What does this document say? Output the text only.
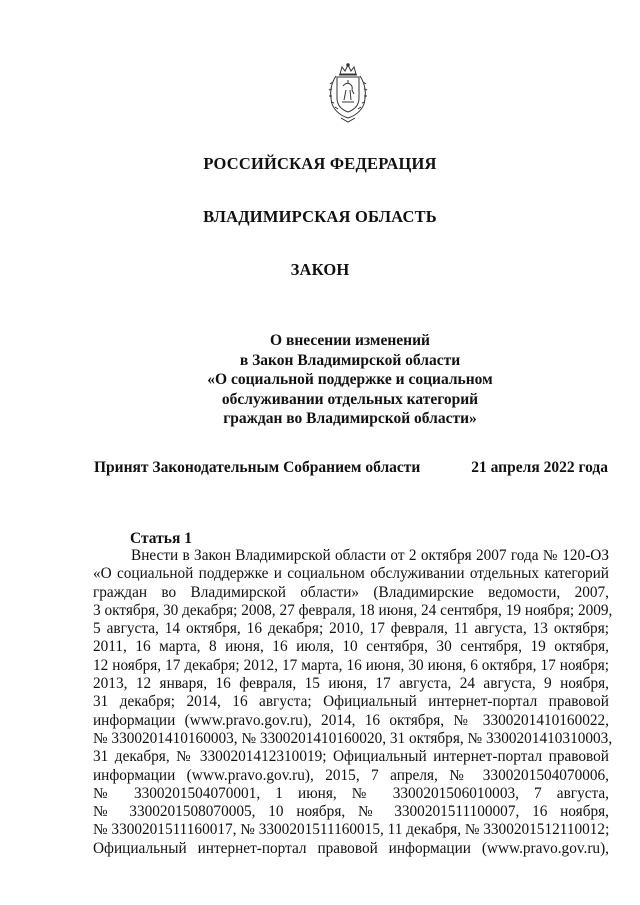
РОССИЙСКАЯ ФЕДЕРАЦИЯ
ВЛАДИМИРСКАЯ ОБЛАСТЬ
ЗАКОН
О внесении изменений
в Закон Владимирской области
«О социальной поддержке и социальном
обслуживании отдельных категорий
граждан во Владимирской области»
Принят Законодательным Собранием области	21 апреля 2022 года
Статья 1
Внести в Закон Владимирской области от 2 октября 2007 года № 120-ОЗ
«О социальной поддержке и социальном обслуживании отдельных категорий
граждан во Владимирской области» (Владимирские ведомости, 2007,
3 октября, 30 декабря; 2008, 27 февраля, 18 июня, 24 сентября, 19 ноября; 2009,
5 августа, 14 октября, 16 декабря; 2010, 17 февраля, 11 августа, 13 октября;
2011, 16 марта, 8 июня, 16 июля, 10 сентября, 30 сентября, 19 октября,
12 ноября, 17 декабря; 2012, 17 марта, 16 июня, 30 июня, 6 октября, 17 ноября;
2013, 12 января, 16 февраля, 15 июня, 17 августа, 24 августа, 9 ноября,
31 декабря; 2014, 16 августа; Официальный интернет-портал правовой
информации (www.pravo.gov.ru), 2014, 16 октября, № 3300201410160022,
№ 3300201410160003, № 3300201410160020, 31 октября, № 3300201410310003,
31 декабря, № 3300201412310019; Официальный интернет-портал правовой
информации (www.pravo.gov.ru), 2015, 7 апреля, № 3300201504070006,
№ 3300201504070001, 1 июня, № 3300201506010003, 7 августа,
№ 3300201508070005, 10 ноября, № 3300201511100007, 16 ноября,
№ 3300201511160017, № 3300201511160015, 11 декабря, № 3300201512110012;
Официальный интернет-портал правовой информации (www.pravo.gov.ru),
